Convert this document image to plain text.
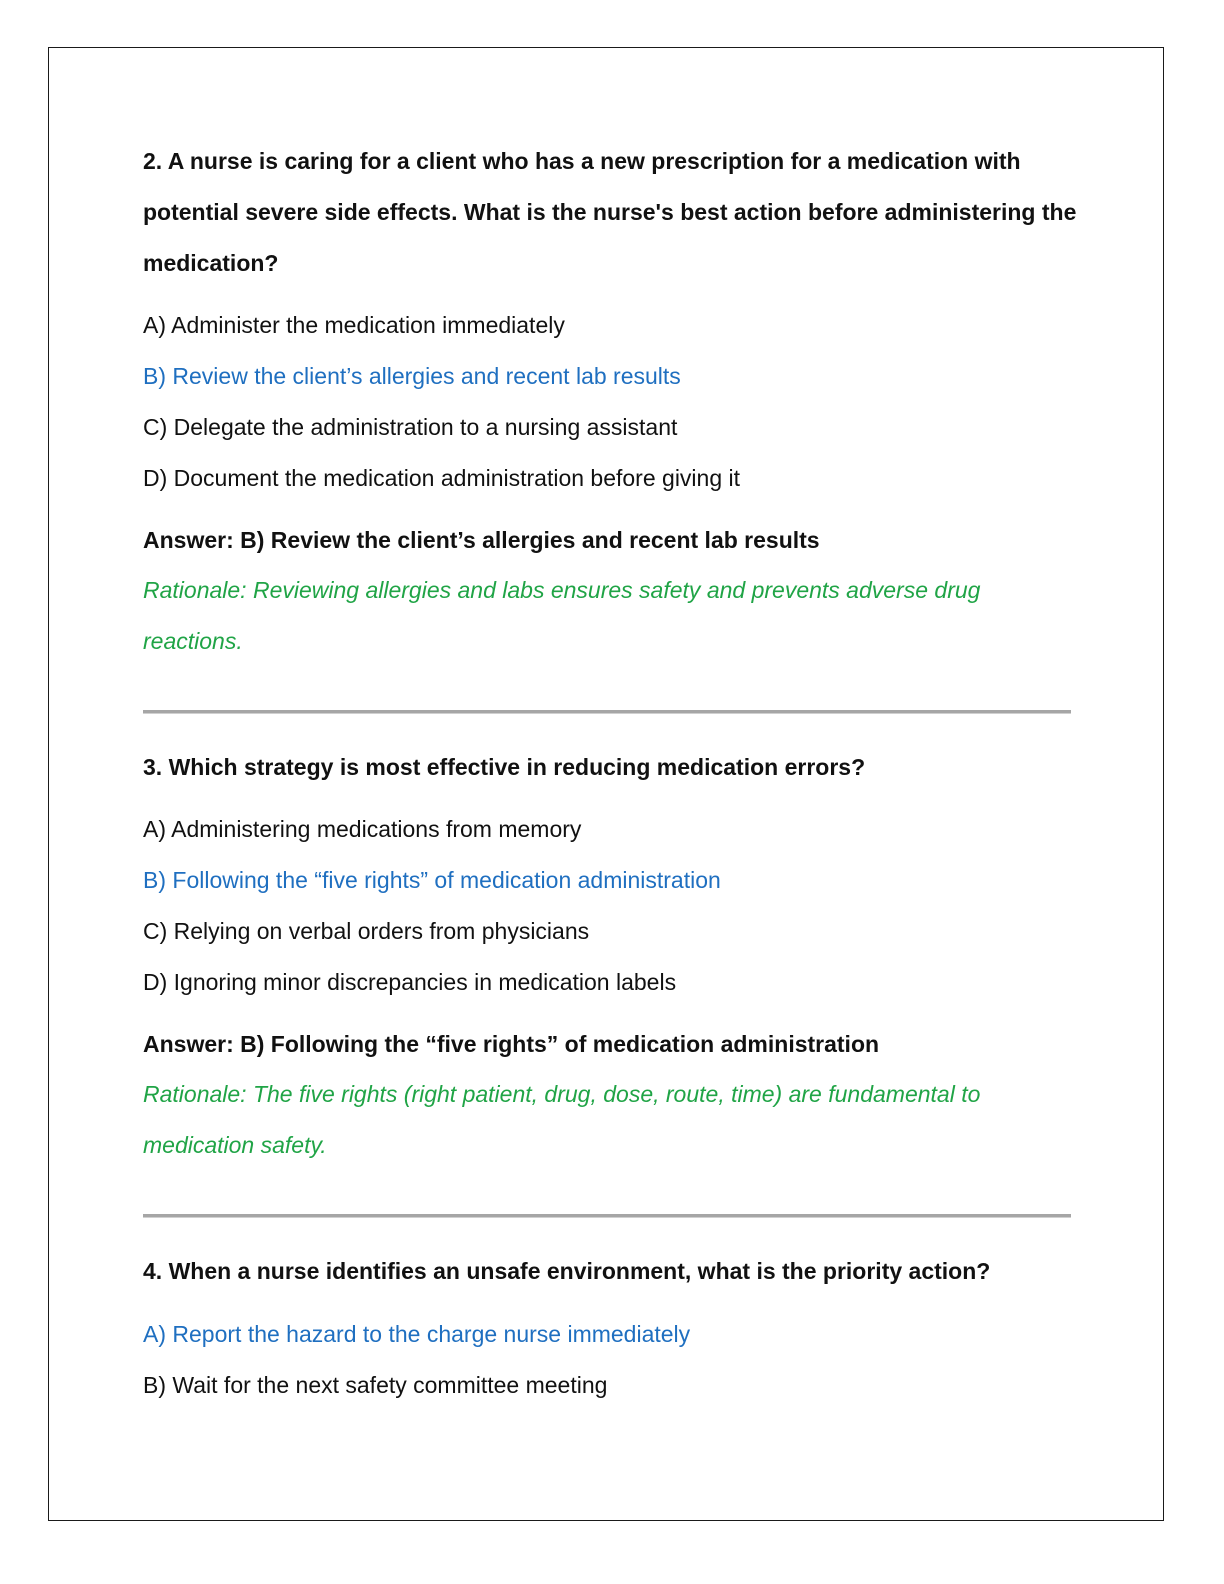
2. A nurse is caring for a client who has a new prescription for a medication with potential severe side effects. What is the nurse's best action before administering the medication?
A) Administer the medication immediately
B) Review the client’s allergies and recent lab results
C) Delegate the administration to a nursing assistant
D) Document the medication administration before giving it
Answer: B) Review the client’s allergies and recent lab results
Rationale: Reviewing allergies and labs ensures safety and prevents adverse drug reactions.
3. Which strategy is most effective in reducing medication errors?
A) Administering medications from memory
B) Following the “five rights” of medication administration
C) Relying on verbal orders from physicians
D) Ignoring minor discrepancies in medication labels
Answer: B) Following the “five rights” of medication administration
Rationale: The five rights (right patient, drug, dose, route, time) are fundamental to medication safety.
4. When a nurse identifies an unsafe environment, what is the priority action?
A) Report the hazard to the charge nurse immediately
B) Wait for the next safety committee meeting
